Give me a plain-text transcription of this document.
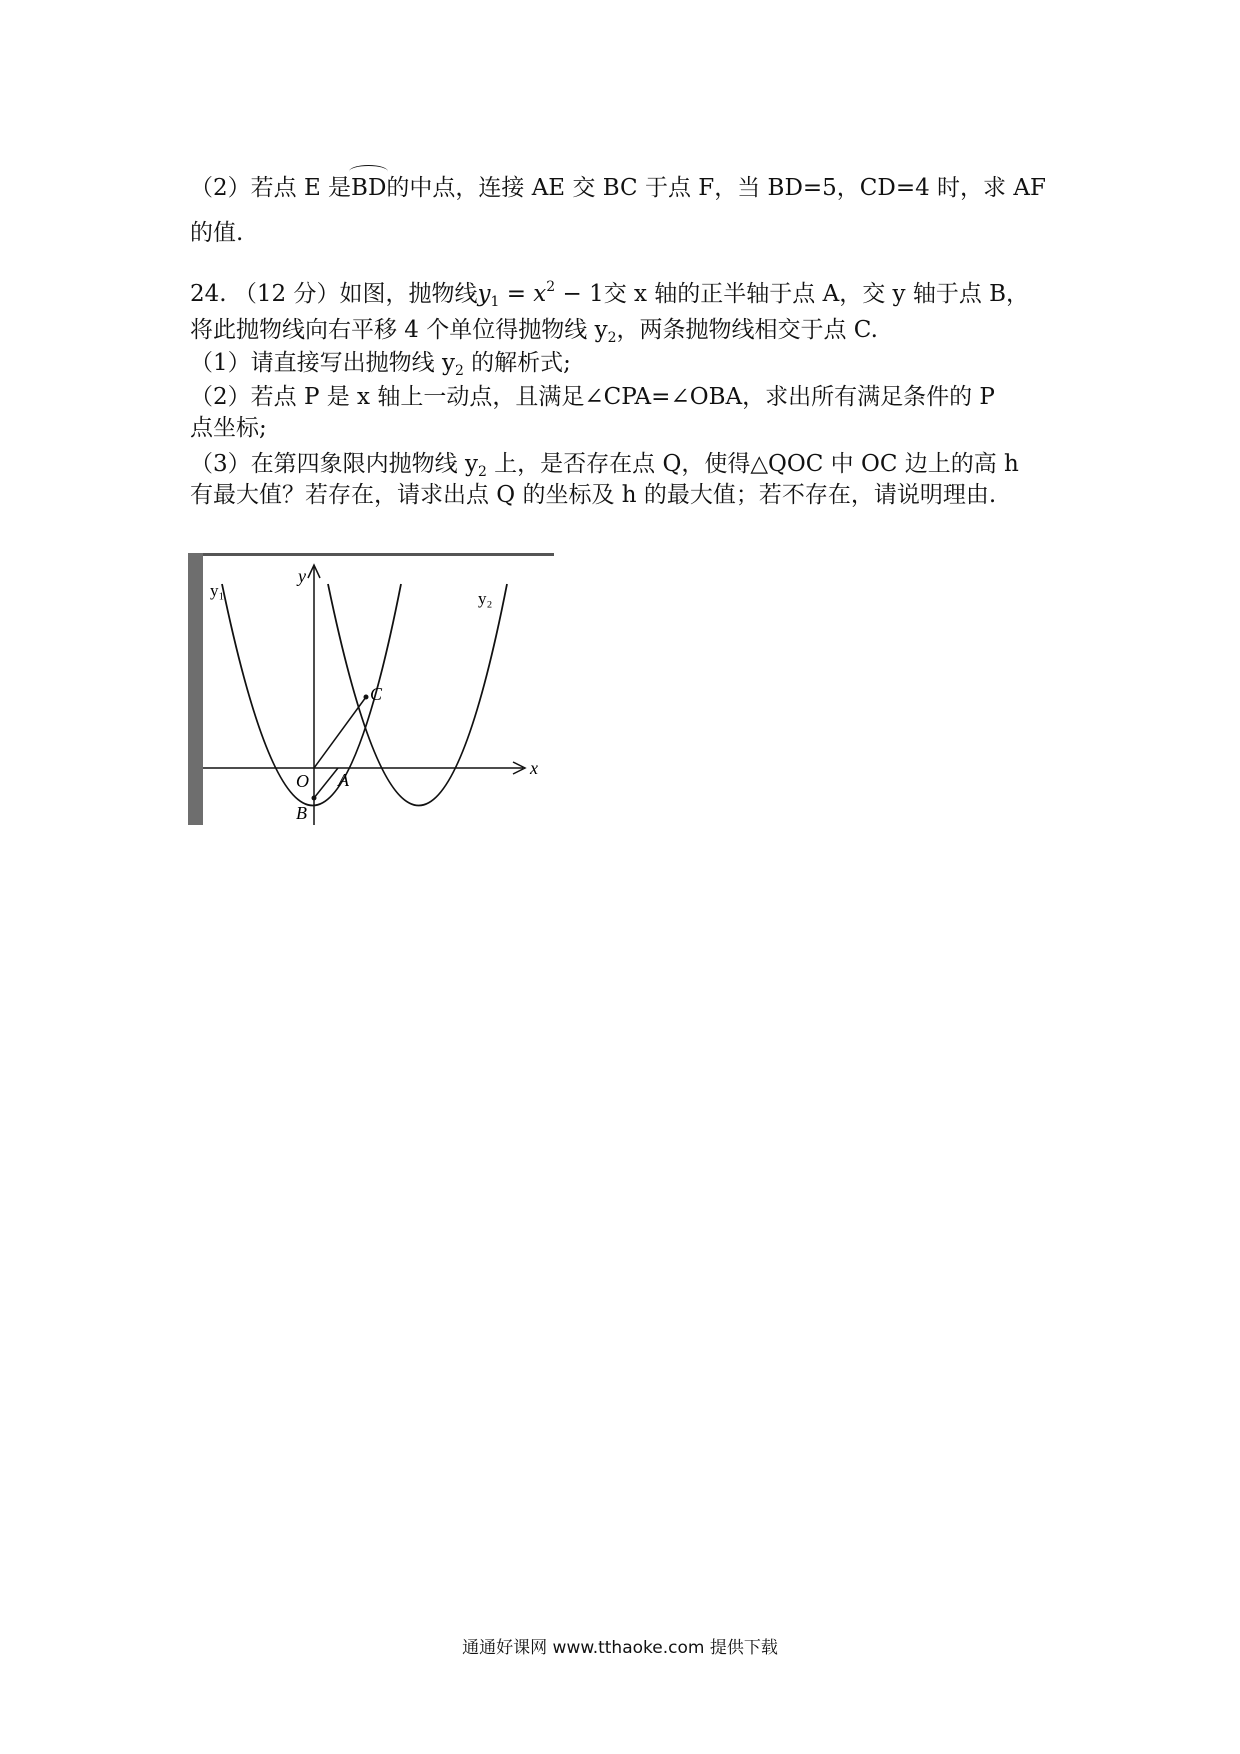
（2）若点 E 是BD的中点，连接 AE 交 BC 于点 F，当 BD=5，CD=4 时，求 AF
的值.
24. （12 分）如图，抛物线$y_1 = x^2 - 1$交 x 轴的正半轴于点 A，交 y 轴于点 B，
将此抛物线向右平移 4 个单位得抛物线 $y_2$，两条抛物线相交于点 C.
（1）请直接写出抛物线 $y_2$ 的解析式;
（2）若点 P 是 x 轴上一动点，且满足∠CPA=∠OBA，求出所有满足条件的 P
点坐标;
（3）在第四象限内抛物线 $y_2$ 上，是否存在点 Q，使得△QOC 中 OC 边上的高 h
有最大值？若存在，请求出点 Q 的坐标及 h 的最大值；若不存在，请说明理由.
y₁	y₂
y
x
O A
B
C
通通好课网 www.tthaoke.com 提供下载
